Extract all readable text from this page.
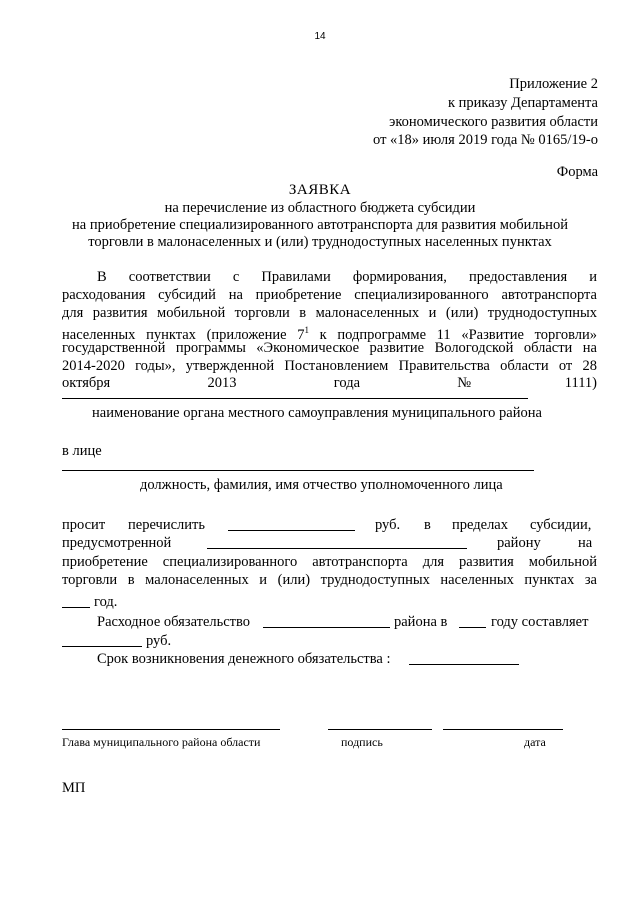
14
Приложение 2
к приказу Департамента
экономического развития области
от «18» июля 2019 года № 0165/19-о
Форма
ЗАЯВКА
на перечисление из областного бюджета субсидии
на приобретение специализированного автотранспорта для развития мобильной
торговли в малонаселенных и (или) труднодоступных населенных пунктах
В соответствии с Правилами формирования, предоставления и
расходования субсидий на приобретение специализированного автотранспорта
для развития мобильной торговли в малонаселенных и (или) труднодоступных
населенных пунктах (приложение $7^1$ к подпрограмме 11 «Развитие торговли»
государственной программы «Экономическое развитие Вологодской области на
2014-2020 годы», утвержденной Постановлением Правительства области от 28
октября 2013 года №1111)
наименование органа местного самоуправления муниципального района
в лице
должность, фамилия, имя отчество уполномоченного лица
просит перечислить	руб. в пределах субсидии,
предусмотренной	району	на
приобретение специализированного автотранспорта для развития мобильной
торговли в малонаселенных и (или) труднодоступных населенных пунктах за
год.
Расходное обязательство	района в	году составляет
руб.
Срок возникновения денежного обязательства :
Глава муниципального района области	подпись	дата
МП
